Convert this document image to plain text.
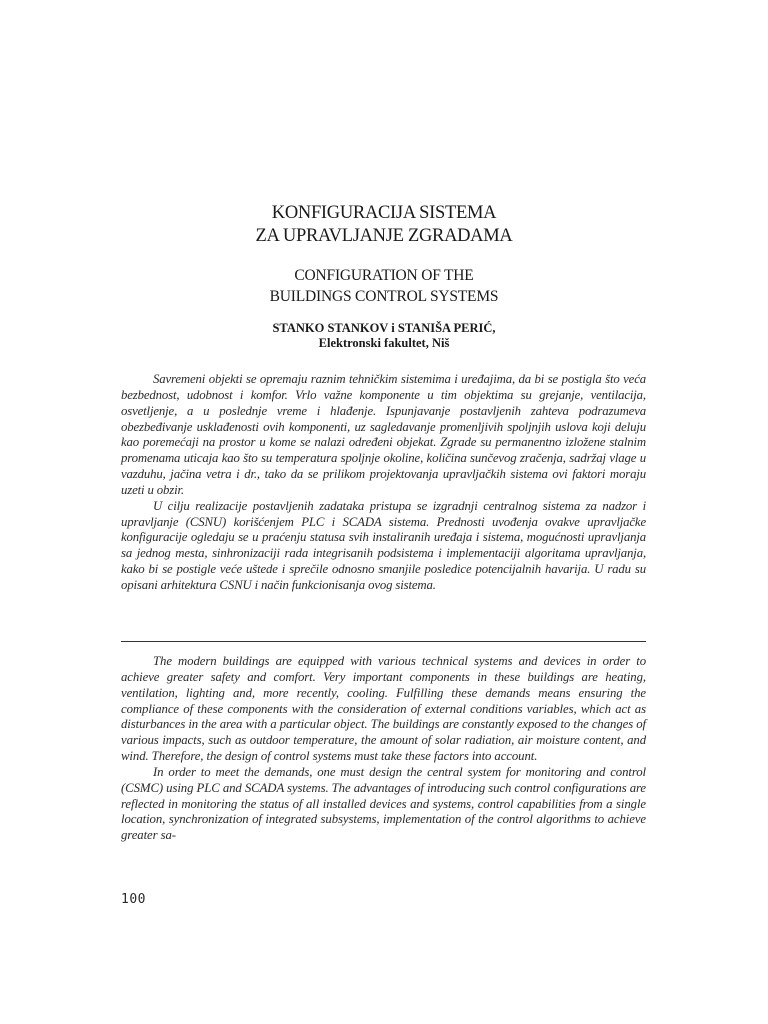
KONFIGURACIJA SISTEMA
ZA UPRAVLJANJE ZGRADAMA
CONFIGURATION OF THE
BUILDINGS CONTROL SYSTEMS
STANKO STANKOV i STANIŠA PERIĆ,
Elektronski fakultet, Niš

Savremeni objekti se opremaju raznim tehničkim sistemima i uređajima, da bi se postigla što veća bezbednost, udobnost i komfor. Vrlo važne komponente u tim objektima su grejanje, ventilacija, osvetljenje, a u poslednje vreme i hlađenje. Ispunjavanje postavljenih zahteva podrazumeva obezbeđivanje usklađenosti ovih komponenti, uz sagledavanje promenljivih spoljnjih uslova koji deluju kao poremećaji na prostor u kome se nalazi određeni objekat. Zgrade su permanentno izložene stalnim promenama uticaja kao što su temperatura spoljnje okoline, količina sunčevog zračenja, sadržaj vlage u vazduhu, jačina vetra i dr., tako da se prilikom projektovanja upravljačkih sistema ovi faktori moraju uzeti u obzir.

U cilju realizacije postavljenih zadataka pristupa se izgradnji centralnog sistema za nadzor i upravljanje (CSNU) korišćenjem PLC i SCADA sistema. Prednosti uvođenja ovakve upravljačke konfiguracije ogledaju se u praćenju statusa svih instaliranih uređaja i sistema, mogućnosti upravljanja sa jednog mesta, sinhronizaciji rada integrisanih podsistema i implementaciji algoritama upravljanja, kako bi se postigle veće uštede i sprečile odnosno smanjile posledice potencijalnih havarija. U radu su opisani arhitektura CSNU i način funkcionisanja ovog sistema.

The modern buildings are equipped with various technical systems and devices in order to achieve greater safety and comfort. Very important components in these buildings are heating, ventilation, lighting and, more recently, cooling. Fulfilling these demands means ensuring the compliance of these components with the consideration of external conditions variables, which act as disturbances in the area with a particular object. The buildings are constantly exposed to the changes of various impacts, such as outdoor temperature, the amount of solar radiation, air moisture content, and wind. Therefore, the design of control systems must take these factors into account.

In order to meet the demands, one must design the central system for monitoring and control (CSMC) using PLC and SCADA systems. The advantages of introducing such control configurations are reflected in monitoring the status of all installed devices and systems, control capabilities from a single location, synchronization of integrated subsystems, implementation of the control algorithms to achieve greater sa-

100
